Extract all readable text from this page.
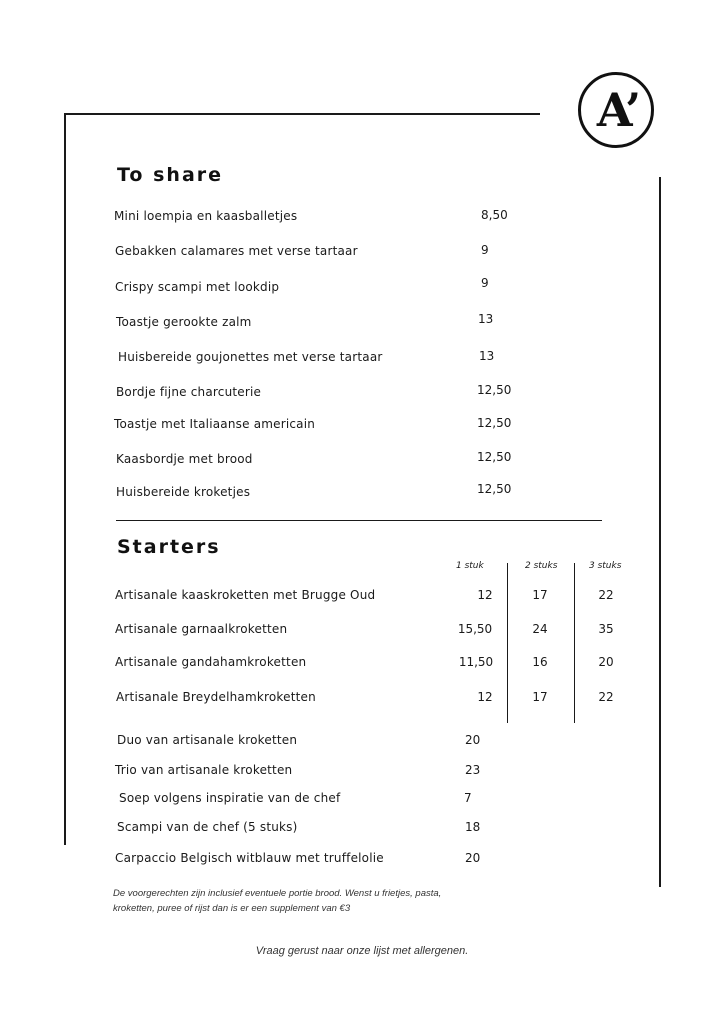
A’
To share
Mini loempia en kaasballetjes	8,50
Gebakken calamares met verse tartaar	9
Crispy scampi met lookdip	9
Toastje gerookte zalm	13
Huisbereide goujonettes met verse tartaar	13
Bordje fijne charcuterie	12,50
Toastje met Italiaanse americain	12,50
Kaasbordje met brood	12,50
Huisbereide kroketjes	12,50
Starters
1 stuk	2 stuks	3 stuks
Artisanale kaaskroketten met Brugge Oud	12	17	22
Artisanale garnaalkroketten	15,50	24	35
Artisanale gandahamkroketten	11,50	16	20
Artisanale Breydelhamkroketten	12	17	22
Duo van artisanale kroketten	20
Trio van artisanale kroketten	23
Soep volgens inspiratie van de chef	7
Scampi van de chef (5 stuks)	18
Carpaccio Belgisch witblauw met truffelolie	20
De voorgerechten zijn inclusief eventuele portie brood. Wenst u frietjes, pasta,
kroketten, puree of rijst dan is er een supplement van €3
Vraag gerust naar onze lijst met allergenen.
